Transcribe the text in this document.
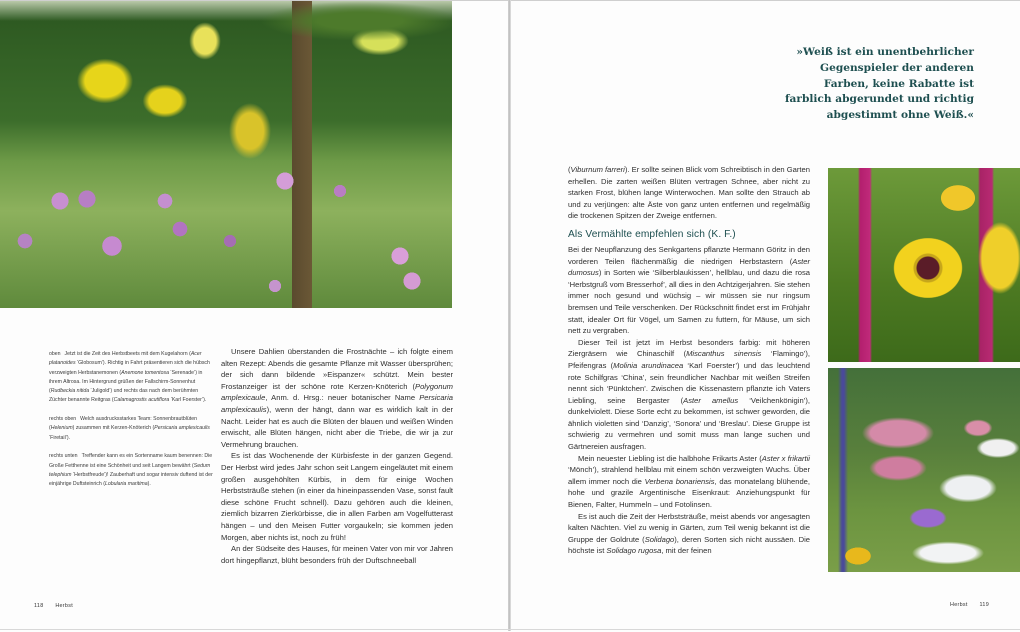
oben Jetzt ist die Zeit des Herbstbeets mit dem Kugelahorn (Acer platanoides ‘Globosum’). Richtig in Fahrt präsentieren sich die hübsch verzweigten Herbstanemonen (Anemone tomentosa ‘Serenade’) in ihrem Altrosa. Im Hintergrund grüßen der Fallschirm-Sonnenhut (Rudbeckia nitida ‘Juligold’) und rechts das nach dem berühmten Züchter benannte Reitgras (Calamagrostis acutiflora ‘Karl Foerster’).
rechts oben Welch ausdrucksstarkes Team: Sonnenbrautblüten (Helenium) zusammen mit Kerzen-Knöterich (Persicaria amplexicaulis ‘Firetail’).
rechts unten Treffender kann es ein Sortenname kaum benennen: Die Große Fetthenne ist eine Schönheit und seit Langem bewährt (Sedum telephium ‘Herbstfreude’)! Zauberhaft und sogar intensiv duftend ist der einjährige Duftsteinrich (Lobularia maritima).

Unsere Dahlien überstanden die Frostnächte – ich folgte einem alten Rezept: Abends die gesamte Pflanze mit Wasser übersprühen; der sich dann bildende »Eispanzer« schützt. Mein bester Frostanzeiger ist der schöne rote Kerzen-Knöterich (Polygonum amplexicaule, Anm. d. Hrsg.: neuer botanischer Name Persicaria amplexicaulis), wenn der hängt, dann war es wirklich kalt in der Nacht. Leider hat es auch die Blüten der blauen und weißen Winden erwischt, alle Blüten hängen, nicht aber die Triebe, die wir ja zur Vermehrung brauchen.

Es ist das Wochenende der Kürbisfeste in der ganzen Gegend. Der Herbst wird jedes Jahr schon seit Langem eingeläutet mit einem großen ausgehöhlten Kürbis, in dem für einige Wochen Herbststräuße stehen (in einer da hineinpassenden Vase, sonst fault diese schöne Frucht schnell). Dazu gehören auch die kleinen, ziemlich bizarren Zierkürbisse, die in allen Farben am Vogelfutterast hängen – und den Meisen Futter vorgaukeln; sie kommen jeden Morgen, aber nichts ist, noch zu früh!

An der Südseite des Hauses, für meinen Vater von mir vor Jahren dort hingepflanzt, blüht besonders früh der Duftschneeball

118 Herbst
»Weiß ist ein unentbehrlicher Gegenspieler der anderen Farben, keine Rabatte ist farblich abgerundet und richtig abgestimmt ohne Weiß.«

(Viburnum farreri). Er sollte seinen Blick vom Schreibtisch in den Garten erhellen. Die zarten weißen Blüten vertragen Schnee, aber nicht zu starken Frost, blühen lange Winterwochen. Man sollte den Strauch ab und zu verjüngen: alte Äste von ganz unten entfernen und regelmäßig die trockenen Spitzen der Zweige entfernen.

Als Vermählte empfehlen sich (K. F.)

Bei der Neupflanzung des Senkgartens pflanzte Hermann Göritz in den vorderen Teilen flächenmäßig die niedrigen Herbstastern (Aster dumosus) in Sorten wie ‘Silberblaukissen’, hellblau, und dazu die rosa ‘Herbstgruß vom Bresserhof’, all dies in den Achtzigerjahren. Sie stehen immer noch gesund und wüchsig – wir müssen sie nur ringsum bremsen und Teile verschenken. Der Rückschnitt findet erst im Frühjahr statt, idealer Ort für Vögel, um Samen zu futtern, für Mäuse, um sich nett zu vergraben.

Dieser Teil ist jetzt im Herbst besonders farbig: mit höheren Ziergräsern wie Chinaschilf (Miscanthus sinensis ‘Flamingo’), Pfeifengras (Molinia arundinacea ‘Karl Foerster’) und das leuchtend rote Schilfgras ‘China’, sein freundlicher Nachbar mit weißen Streifen nennt sich ‘Pünktchen’. Zwischen die Kissenastern pflanzte ich Vaters Liebling, seine Bergaster (Aster amellus ‘Veilchenkönigin’), dunkelviolett. Diese Sorte echt zu bekommen, ist schwer geworden, die ähnlich violetten sind ‘Danzig’, ‘Sonora’ und ‘Breslau’. Diese Gruppe ist schwierig zu vermehren und somit muss man lange suchen und Gärtnereien ausfragen.

Mein neuester Liebling ist die halbhohe Frikarts Aster (Aster x frikartii ‘Mönch’), strahlend hellblau mit einem schön verzweigten Wuchs. Über allem immer noch die Verbena bonariensis, das monatelang blühende, hohe und grazile Argentinische Eisenkraut: Anziehungspunkt für Bienen, Falter, Hummeln – und Fotolinsen.

Es ist auch die Zeit der Herbststräuße, meist abends vor angesagten kalten Nächten. Viel zu wenig in Gärten, zum Teil wenig bekannt ist die Gruppe der Goldrute (Solidago), deren Sorten sich nicht aussäen. Die höchste ist Solidago rugosa, mit der feinen

Herbst 119
